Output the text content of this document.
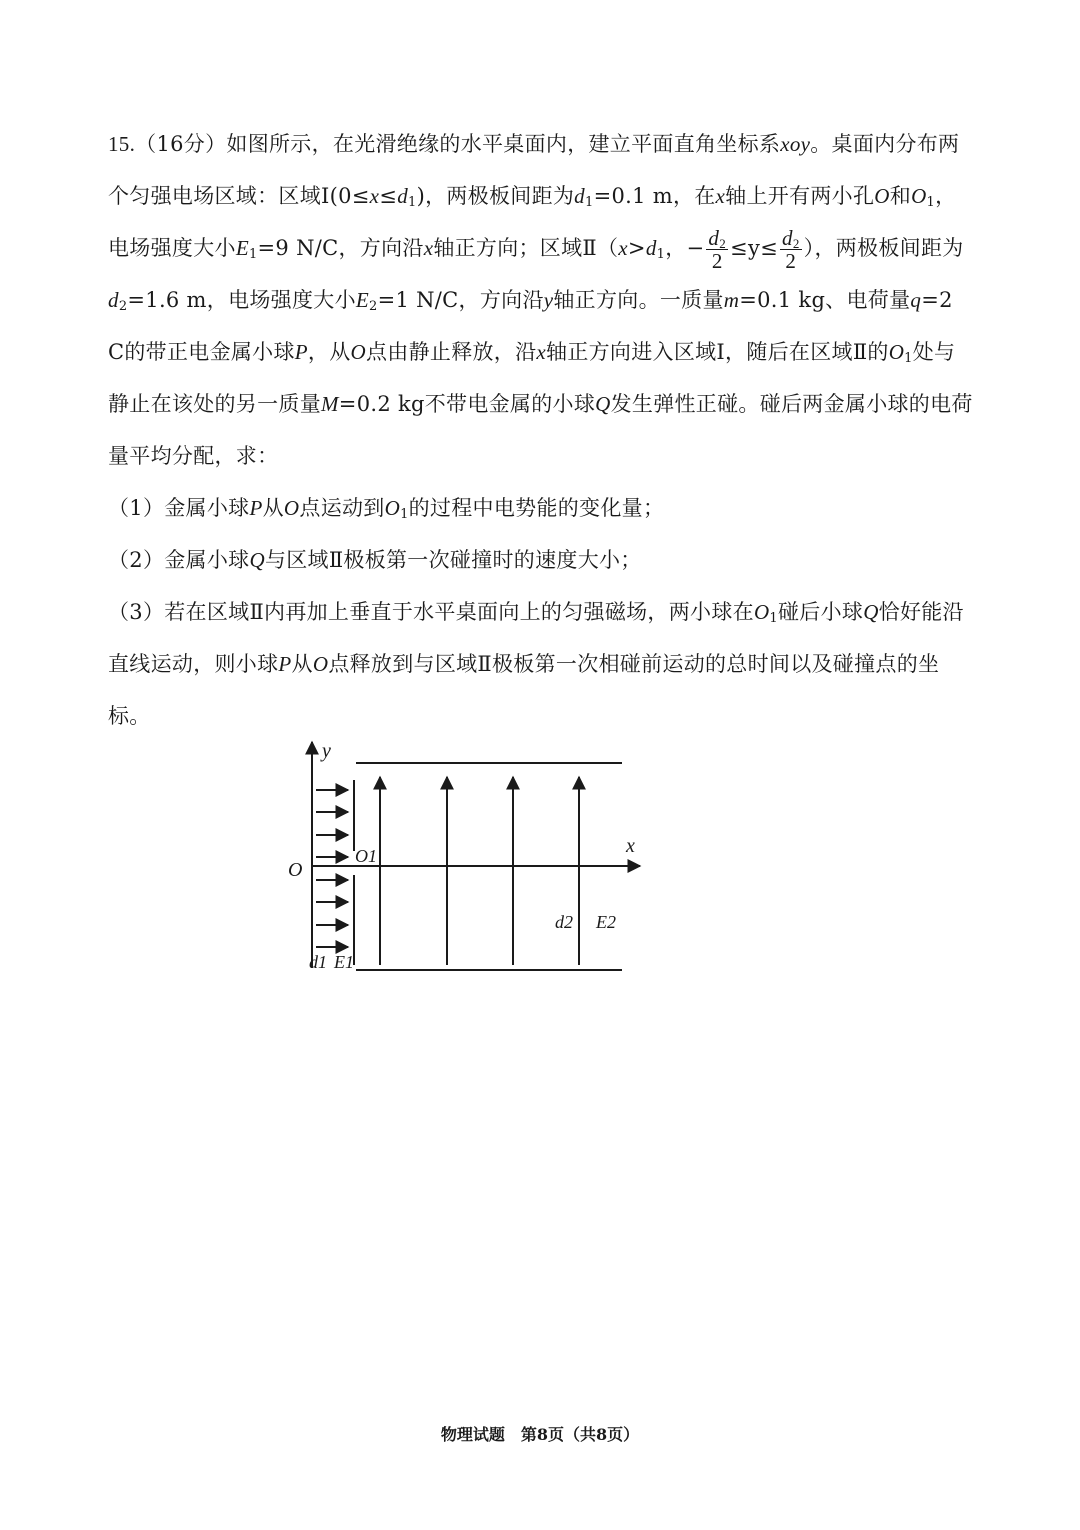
15.（16分）如图所示，在光滑绝缘的水平桌面内，建立平面直角坐标系xoy。桌面内分布两个匀强电场区域：区域$Ⅰ(0\le x\le d_1)$，两极板间距为$d_1=0.1$ m，在x轴上开有两小孔O和$O_1$，电场强度大小$E_1=9$ N/C，方向沿x轴正方向；区域$Ⅱ(x>d_1$，− $\frac{d_2}{2} \le y\le \frac{d_2}{2}$ ），两极板间距为$d_2=1.6$ m，电场强度大小$E_2=1$ N/C，方向沿y轴正方向。一质量m=0.1 kg、电荷量q=2 C的带正电金属小球P，从O点由静止释放，沿x轴正方向进入区域Ⅰ，随后在区域Ⅱ的$O_1$处与静止在该处的另一质量M=0.2 kg不带电金属的小球Q发生弹性正碰。碰后两金属小球的电荷量平均分配，求：

（1）金属小球P从O点运动到$O_1$的过程中电势能的变化量；

（2）金属小球Q与区域Ⅱ极板第一次碰撞时的速度大小；

（3）若在区域Ⅱ内再加上垂直于水平桌面向上的匀强磁场，两小球在$O_1$碰后小球Q恰好能沿直线运动，则小球P从O点释放到与区域Ⅱ极板第一次相碰前运动的总时间以及碰撞点的坐标。

y
x
O
O1
d1 E1
d2 E2
物理试题　第8页（共8页）
